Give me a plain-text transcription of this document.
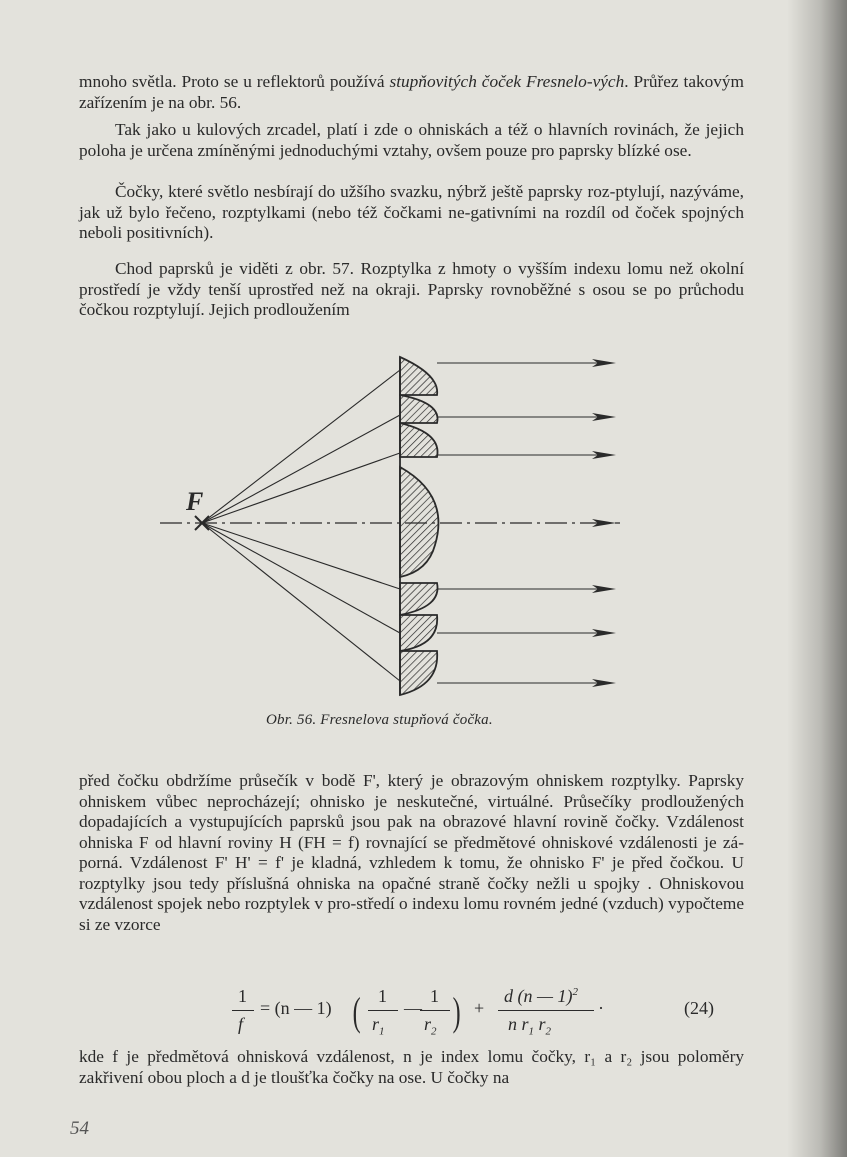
mnoho světla. Proto se u reflektorů používá stupňovitých čoček Fresnelo-vých. Průřez takovým zařízením je na obr. 56.

Tak jako u kulových zrcadel, platí i zde o ohniskách a též o hlavních rovinách, že jejich poloha je určena zmíněnými jednoduchými vztahy, ovšem pouze pro paprsky blízké ose.

Čočky, které světlo nesbírají do užšího svazku, nýbrž ještě paprsky roz-ptylují, nazýváme, jak už bylo řečeno, rozptylkami (nebo též čočkami ne-gativními na rozdíl od čoček spojných neboli positivních).

Chod paprsků je viděti z obr. 57. Rozptylka z hmoty o vyšším indexu lomu než okolní prostředí je vždy tenší uprostřed než na okraji. Paprsky rovnoběžné s osou se po průchodu čočkou rozptylují. Jejich prodloužením

F
Obr. 56. Fresnelova stupňová čočka.

před čočku obdržíme průsečík v bodě F', který je obrazovým ohniskem rozptylky. Paprsky ohniskem vůbec neprocházejí; ohnisko je neskutečné, virtuálné. Průsečíky prodloužených dopadajících a vystupujících paprsků jsou pak na obrazové hlavní rovině čočky. Vzdálenost ohniska F od hlavní roviny H (FH = f) rovnající se předmětové ohniskové vzdálenosti je zá-porná. Vzdálenost F' H' = f' je kladná, vzhledem k tomu, že ohnisko F' je před čočkou. U rozptylky jsou tedy příslušná ohniska na opačné straně čočky nežli u spojky . Ohniskovou vzdálenost spojek nebo rozptylek v pro-středí o indexu lomu rovném jedné (vzduch) vypočteme si ze vzorce

1
f
= (n — 1) ( 1
$r_1$
—
1
$r_2$ ) +
d (n — 1)$^2$
n $r_1$ $r_2$
·	(24)

kde f je předmětová ohnisková vzdálenost, n je index lomu čočky, r₁ a r₂ jsou poloměry zakřivení obou ploch a d je tloušťka čočky na ose. U čočky na

54
